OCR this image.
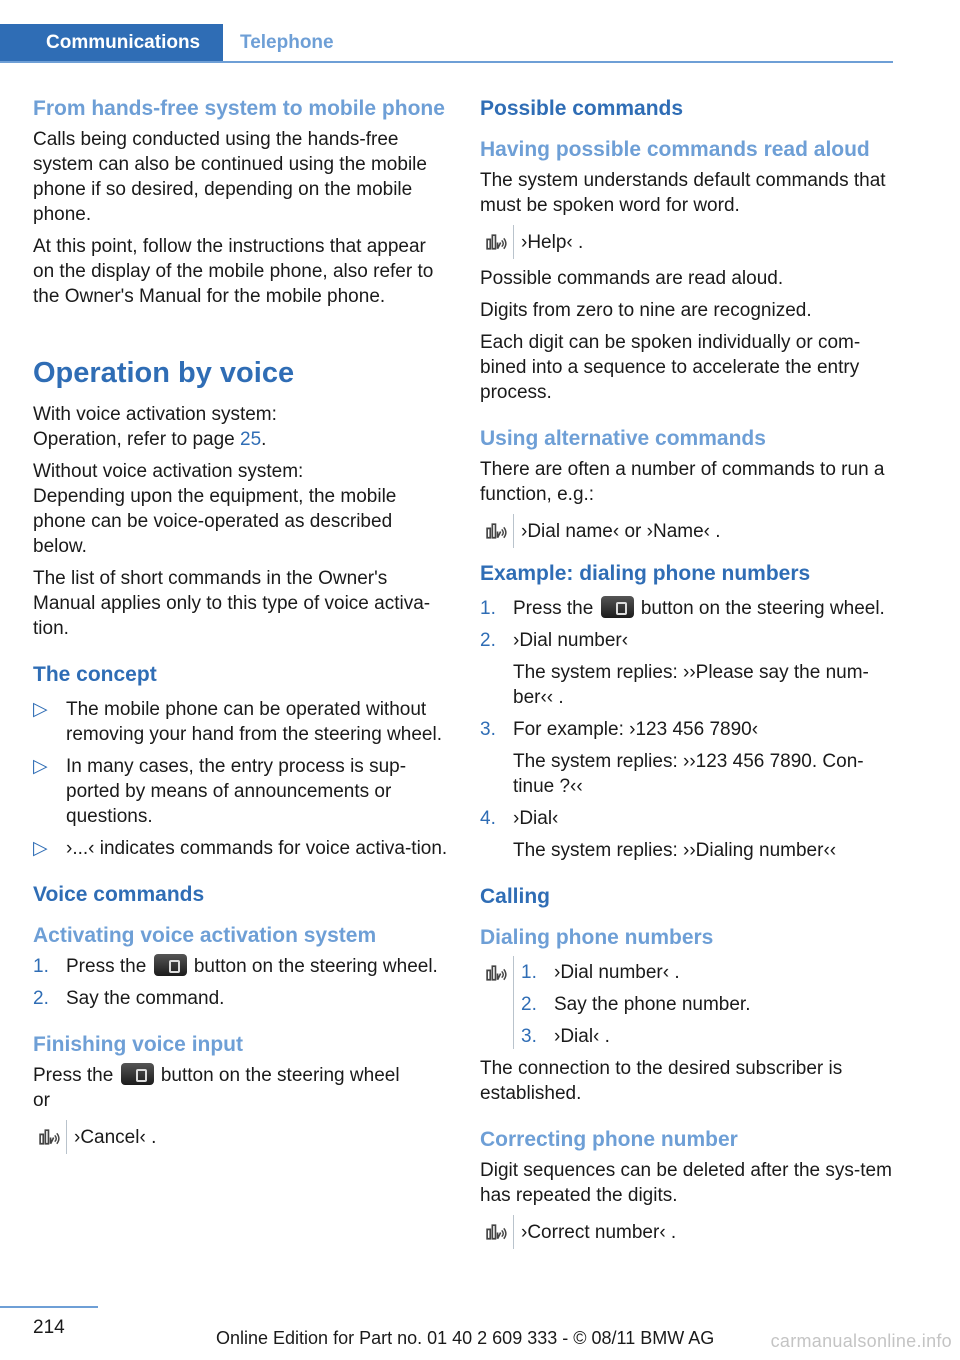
Communications	Telephone
From hands-free system to mobile phone

Calls being conducted using the hands-free system can also be continued using the mobile phone if so desired, depending on the mobile phone.

At this point, follow the instructions that appear on the display of the mobile phone, also refer to the Owner's Manual for the mobile phone.

Operation by voice

With voice activation system:
Operation, refer to page 25.

Without voice activation system:
Depending upon the equipment, the mobile phone can be voice-operated as described below.

The list of short commands in the Owner's Manual applies only to this type of voice activa-tion.

The concept
▷ The mobile phone can be operated without removing your hand from the steering wheel.
▷ In many cases, the entry process is sup-ported by means of announcements or questions.
▷ ›...‹ indicates commands for voice activa-tion.
Voice commands
Activating voice activation system
1. Press the  button on the steering wheel.
2. Say the command.
Finishing voice input

Press the  button on the steering wheel
or

›Cancel‹ .
Possible commands
Having possible commands read aloud

The system understands default commands that must be spoken word for word.

›Help‹ .

Possible commands are read aloud.

Digits from zero to nine are recognized.

Each digit can be spoken individually or com-bined into a sequence to accelerate the entry process.

Using alternative commands

There are often a number of commands to run a function, e.g.:

›Dial name‹ or ›Name‹ .
Example: dialing phone numbers
1. Press the  button on the steering wheel.
2. ›Dial number‹
The system replies: ››Please say the num-ber‹‹ .
3. For example: ›123 456 7890‹
The system replies: ››123 456 7890. Con-tinue ?‹‹
4. ›Dial‹
The system replies: ››Dialing number‹‹
Calling
Dialing phone numbers
1. ›Dial number‹ .
2. Say the phone number.
3. ›Dial‹ .

The connection to the desired subscriber is established.

Correcting phone number

Digit sequences can be deleted after the sys-tem has repeated the digits.

›Correct number‹ .
214	Online Edition for Part no. 01 40 2 609 333 - © 08/11 BMW AG	carmanualsonline.info
